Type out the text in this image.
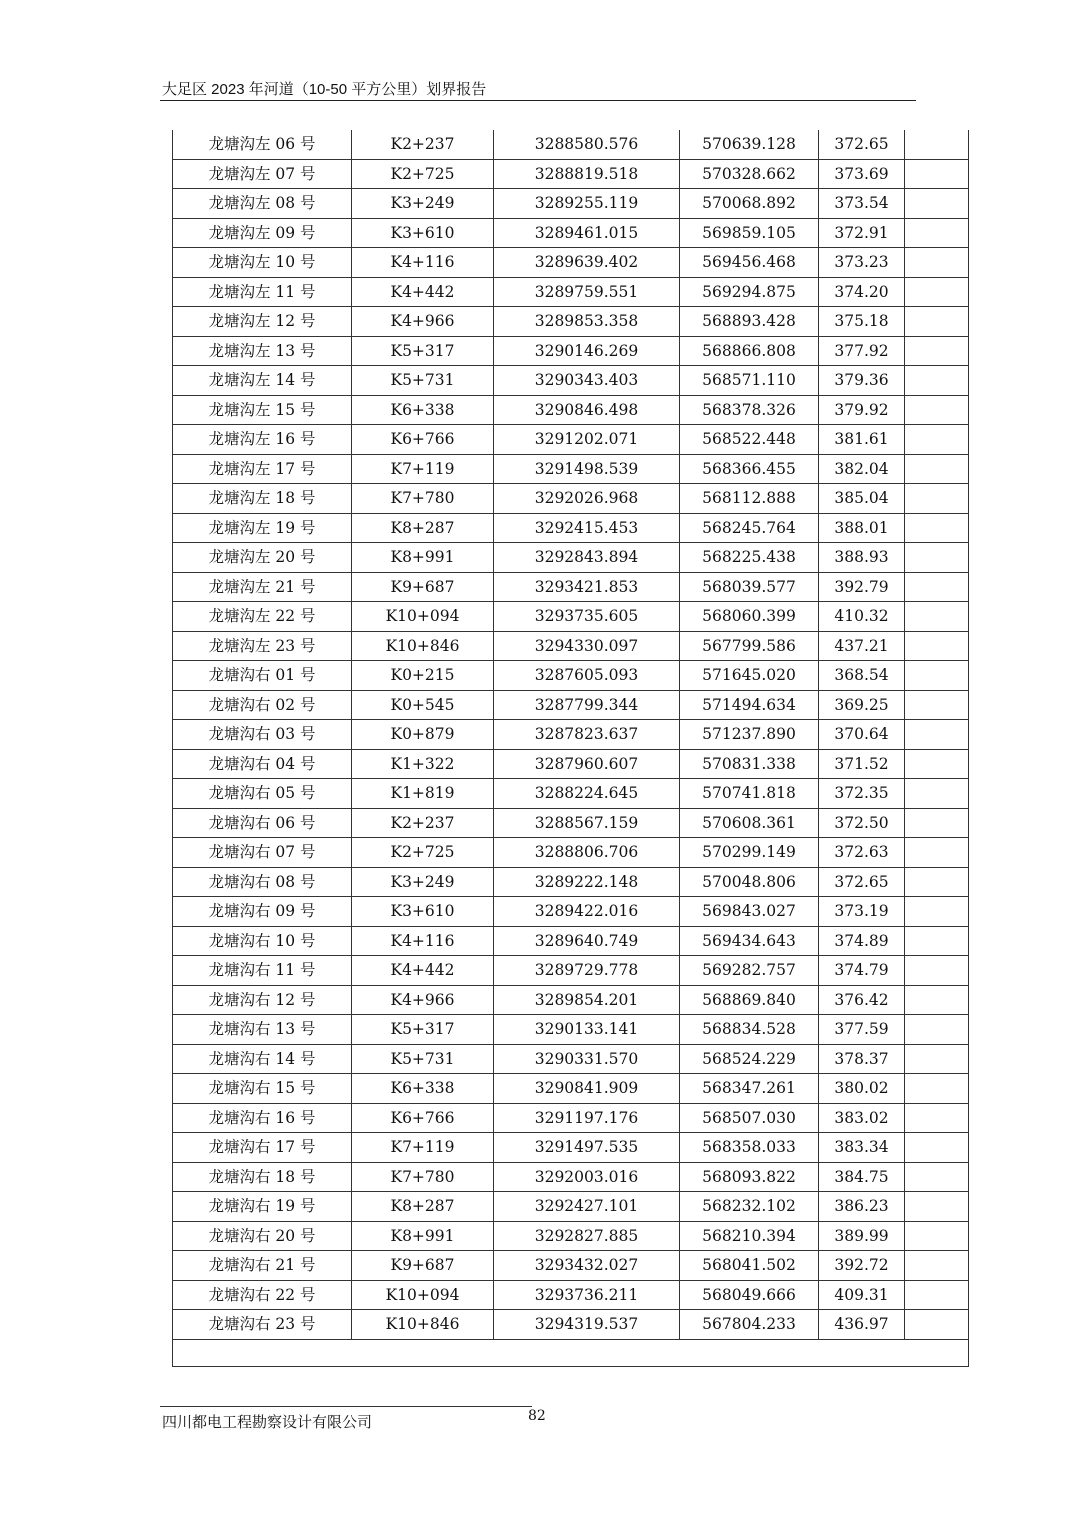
大足区 2023 年河道（10-50 平方公里）划界报告
龙塘沟左 06 号	K2+237	3288580.576	570639.128	372.65	
龙塘沟左 07 号	K2+725	3288819.518	570328.662	373.69	
龙塘沟左 08 号	K3+249	3289255.119	570068.892	373.54	
龙塘沟左 09 号	K3+610	3289461.015	569859.105	372.91	
龙塘沟左 10 号	K4+116	3289639.402	569456.468	373.23	
龙塘沟左 11 号	K4+442	3289759.551	569294.875	374.20	
龙塘沟左 12 号	K4+966	3289853.358	568893.428	375.18	
龙塘沟左 13 号	K5+317	3290146.269	568866.808	377.92	
龙塘沟左 14 号	K5+731	3290343.403	568571.110	379.36	
龙塘沟左 15 号	K6+338	3290846.498	568378.326	379.92	
龙塘沟左 16 号	K6+766	3291202.071	568522.448	381.61	
龙塘沟左 17 号	K7+119	3291498.539	568366.455	382.04	
龙塘沟左 18 号	K7+780	3292026.968	568112.888	385.04	
龙塘沟左 19 号	K8+287	3292415.453	568245.764	388.01	
龙塘沟左 20 号	K8+991	3292843.894	568225.438	388.93	
龙塘沟左 21 号	K9+687	3293421.853	568039.577	392.79	
龙塘沟左 22 号	K10+094	3293735.605	568060.399	410.32	
龙塘沟左 23 号	K10+846	3294330.097	567799.586	437.21	
龙塘沟右 01 号	K0+215	3287605.093	571645.020	368.54	
龙塘沟右 02 号	K0+545	3287799.344	571494.634	369.25	
龙塘沟右 03 号	K0+879	3287823.637	571237.890	370.64	
龙塘沟右 04 号	K1+322	3287960.607	570831.338	371.52	
龙塘沟右 05 号	K1+819	3288224.645	570741.818	372.35	
龙塘沟右 06 号	K2+237	3288567.159	570608.361	372.50	
龙塘沟右 07 号	K2+725	3288806.706	570299.149	372.63	
龙塘沟右 08 号	K3+249	3289222.148	570048.806	372.65	
龙塘沟右 09 号	K3+610	3289422.016	569843.027	373.19	
龙塘沟右 10 号	K4+116	3289640.749	569434.643	374.89	
龙塘沟右 11 号	K4+442	3289729.778	569282.757	374.79	
龙塘沟右 12 号	K4+966	3289854.201	568869.840	376.42	
龙塘沟右 13 号	K5+317	3290133.141	568834.528	377.59	
龙塘沟右 14 号	K5+731	3290331.570	568524.229	378.37	
龙塘沟右 15 号	K6+338	3290841.909	568347.261	380.02	
龙塘沟右 16 号	K6+766	3291197.176	568507.030	383.02	
龙塘沟右 17 号	K7+119	3291497.535	568358.033	383.34	
龙塘沟右 18 号	K7+780	3292003.016	568093.822	384.75	
龙塘沟右 19 号	K8+287	3292427.101	568232.102	386.23	
龙塘沟右 20 号	K8+991	3292827.885	568210.394	389.99	
龙塘沟右 21 号	K9+687	3293432.027	568041.502	392.72	
龙塘沟右 22 号	K10+094	3293736.211	568049.666	409.31	
龙塘沟右 23 号	K10+846	3294319.537	567804.233	436.97	

四川都电工程勘察设计有限公司	82
